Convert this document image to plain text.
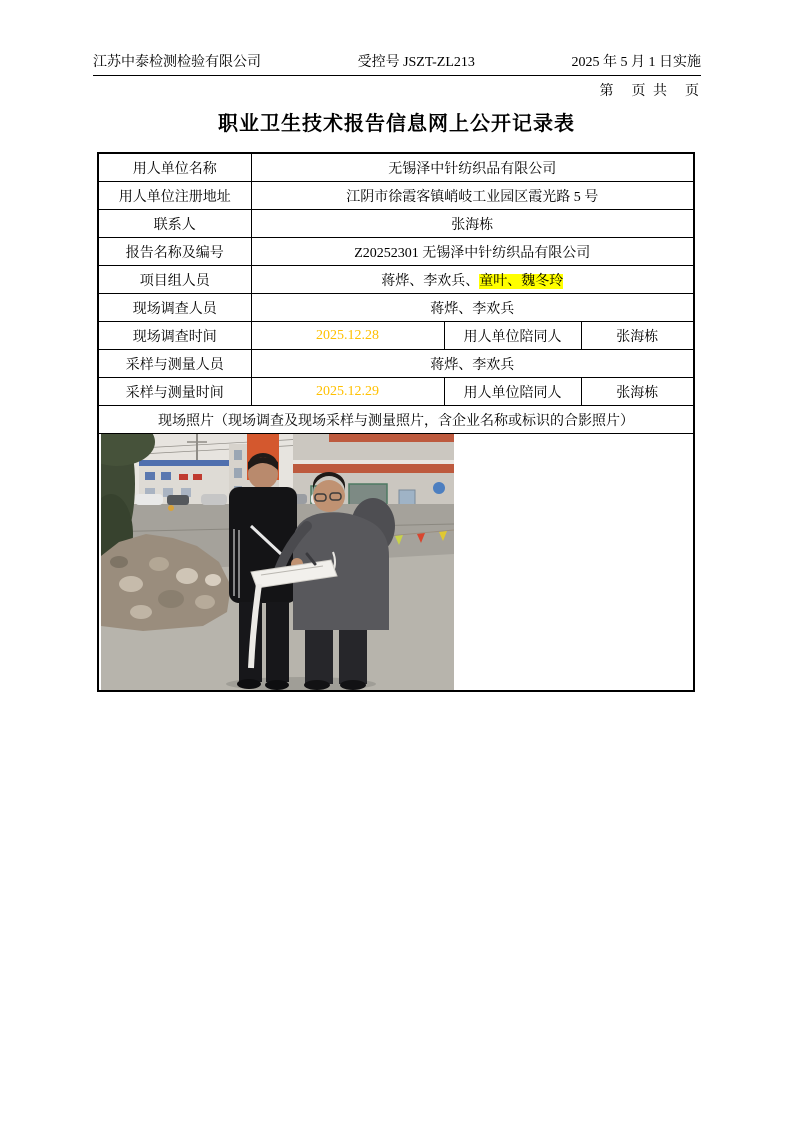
江苏中泰检测检验有限公司	受控号 JSZT-ZL213	2025 年 5 月 1 日实施
第　页 共　页
职业卫生技术报告信息网上公开记录表
用人单位名称	无锡泽中针纺织品有限公司		
用人单位注册地址	江阴市徐霞客镇峭岐工业园区霞光路 5 号		
联系人	张海栋		
报告名称及编号	Z20252301 无锡泽中针纺织品有限公司		
项目组人员	蒋烨、李欢兵、童叶、魏冬玲		
现场调查人员	蒋烨、李欢兵		
现场调查时间	2025.12.28	用人单位陪同人	张海栋
采样与测量人员	蒋烨、李欢兵		
采样与测量时间	2025.12.29	用人单位陪同人	张海栋
现场照片（现场调查及现场采样与测量照片，含企业名称或标识的合影照片）			
